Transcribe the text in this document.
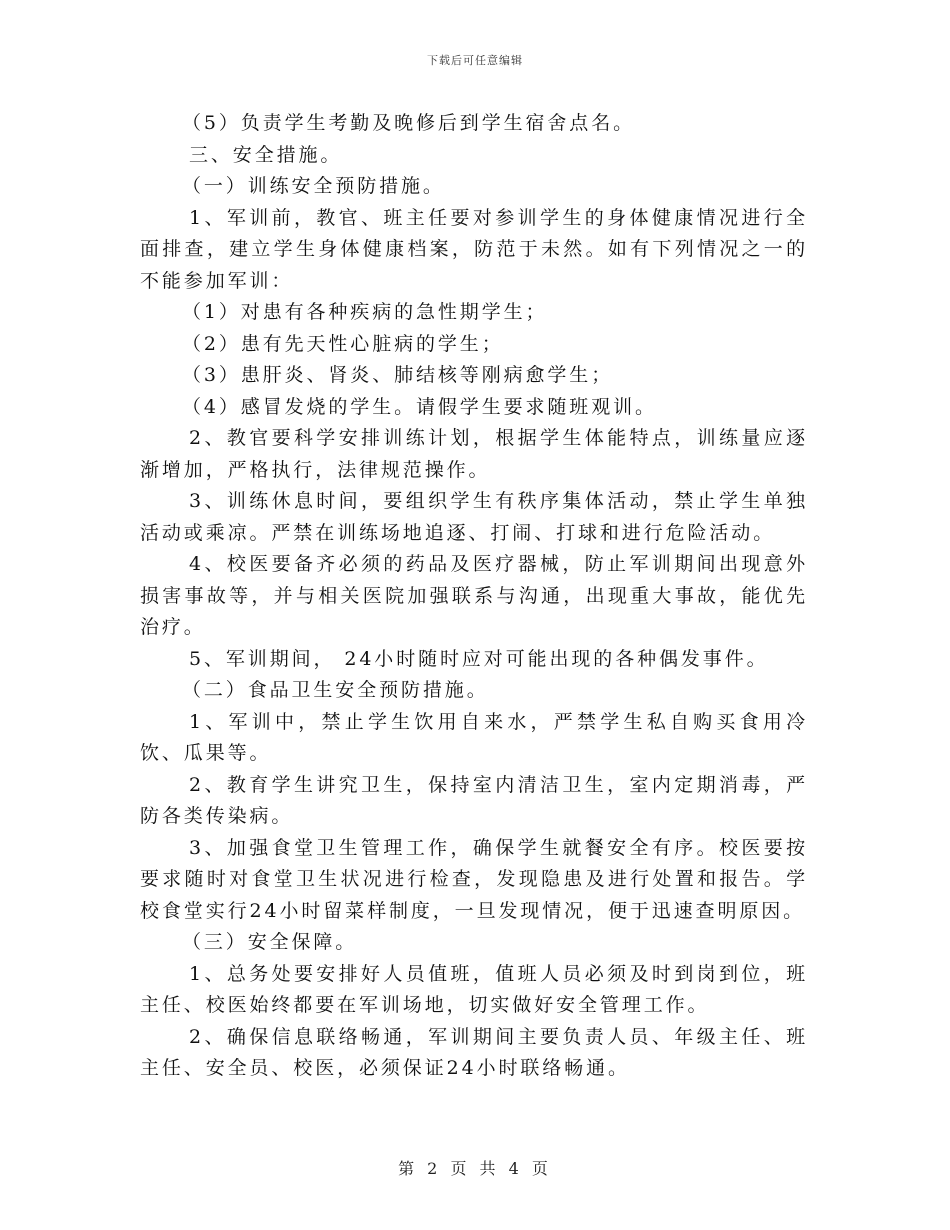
下载后可任意编辑

（5）负责学生考勤及晚修后到学生宿舍点名。

三、安全措施。

（一）训练安全预防措施。

1、军训前，教官、班主任要对参训学生的身体健康情况进行全面排查，建立学生身体健康档案，防范于未然。如有下列情况之一的不能参加军训：

（1）对患有各种疾病的急性期学生；

（2）患有先天性心脏病的学生；

（3）患肝炎、肾炎、肺结核等刚病愈学生；

（4）感冒发烧的学生。请假学生要求随班观训。

2、教官要科学安排训练计划，根据学生体能特点，训练量应逐渐增加，严格执行，法律规范操作。

3、训练休息时间，要组织学生有秩序集体活动，禁止学生单独活动或乘凉。严禁在训练场地追逐、打闹、打球和进行危险活动。

4、校医要备齐必须的药品及医疗器械，防止军训期间出现意外损害事故等，并与相关医院加强联系与沟通，出现重大事故，能优先治疗。

5、军训期间， 24小时随时应对可能出现的各种偶发事件。

（二）食品卫生安全预防措施。

1、军训中，禁止学生饮用自来水，严禁学生私自购买食用冷饮、瓜果等。

2、教育学生讲究卫生，保持室内清洁卫生，室内定期消毒，严防各类传染病。

3、加强食堂卫生管理工作，确保学生就餐安全有序。校医要按要求随时对食堂卫生状况进行检查，发现隐患及进行处置和报告。学校食堂实行24小时留菜样制度，一旦发现情况，便于迅速查明原因。

（三）安全保障。

1、总务处要安排好人员值班，值班人员必须及时到岗到位，班主任、校医始终都要在军训场地，切实做好安全管理工作。

2、确保信息联络畅通，军训期间主要负责人员、年级主任、班主任、安全员、校医，必须保证24小时联络畅通。

第 2 页 共 4 页
